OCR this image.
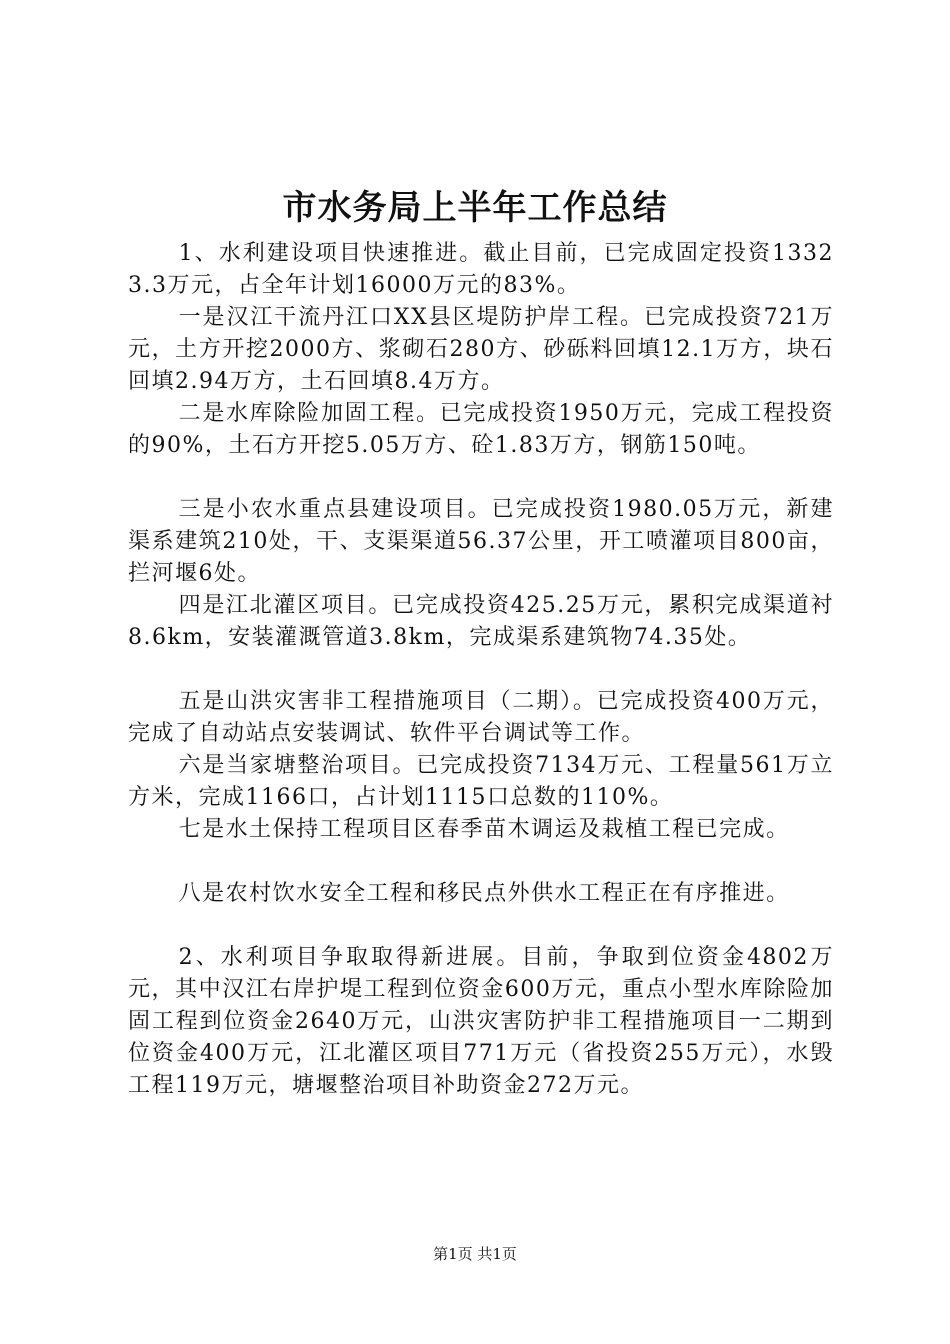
市水务局上半年工作总结

1、水利建设项目快速推进。截止目前，已完成固定投资13323.3万元，占全年计划16000万元的83%。

一是汉江干流丹江口XX县区堤防护岸工程。已完成投资721万元，土方开挖2000方、浆砌石280方、砂砾料回填12.1万方，块石回填2.94万方，土石回填8.4万方。

二是水库除险加固工程。已完成投资1950万元，完成工程投资的90%，土石方开挖5.05万方、砼1.83万方，钢筋150吨。

三是小农水重点县建设项目。已完成投资1980.05万元，新建渠系建筑210处，干、支渠渠道56.37公里，开工喷灌项目800亩，拦河堰6处。

四是江北灌区项目。已完成投资425.25万元，累积完成渠道衬8.6km，安装灌溉管道3.8km，完成渠系建筑物74.35处。

五是山洪灾害非工程措施项目（二期）。已完成投资400万元，完成了自动站点安装调试、软件平台调试等工作。

六是当家塘整治项目。已完成投资7134万元、工程量561万立方米，完成1166口，占计划1115口总数的110%。

七是水土保持工程项目区春季苗木调运及栽植工程已完成。

八是农村饮水安全工程和移民点外供水工程正在有序推进。

2、水利项目争取取得新进展。目前，争取到位资金4802万元，其中汉江右岸护堤工程到位资金600万元，重点小型水库除险加固工程到位资金2640万元，山洪灾害防护非工程措施项目一二期到位资金400万元，江北灌区项目771万元（省投资255万元），水毁工程119万元，塘堰整治项目补助资金272万元。

第1页 共1页
